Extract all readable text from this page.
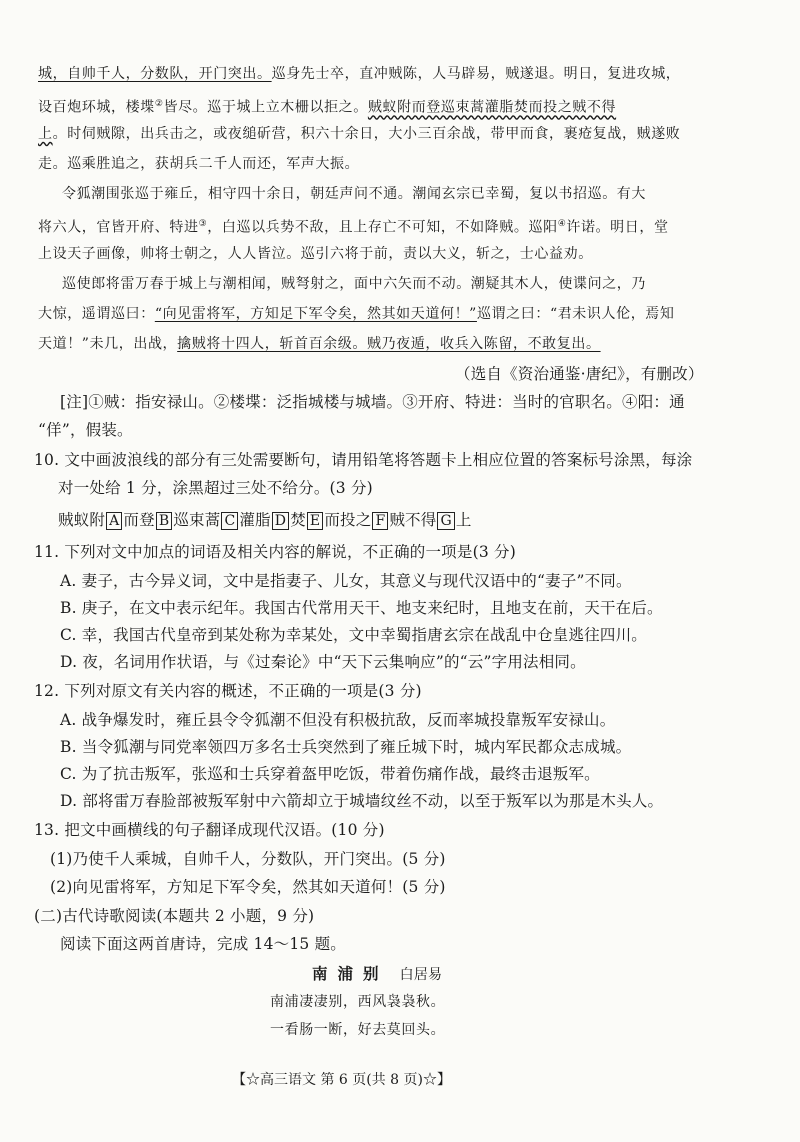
城，自帅千人，分数队，开门突出。巡身先士卒，直冲贼陈，人马辟易，贼遂退。明日，复进攻城，
设百炮环城，楼堞②皆尽。巡于城上立木栅以拒之。贼蚁附而登巡束蒿灌脂焚而投之贼不得
上。时伺贼隙，出兵击之，或夜缒斫营，积六十余日，大小三百余战，带甲而食，裹疮复战，贼遂败
走。巡乘胜追之，获胡兵二千人而还，军声大振。
令狐潮围张巡于雍丘，相守四十余日，朝廷声问不通。潮闻玄宗已幸蜀，复以书招巡。有大
将六人，官皆开府、特进③，白巡以兵势不敌，且上存亡不可知，不如降贼。巡阳④许诺。明日，堂
上设天子画像，帅将士朝之，人人皆泣。巡引六将于前，责以大义，斩之，士心益劝。
巡使郎将雷万春于城上与潮相闻，贼弩射之，面中六矢而不动。潮疑其木人，使谍问之，乃
大惊，遥谓巡曰：“向见雷将军，方知足下军令矣，然其如天道何！”巡谓之曰：“君未识人伦，焉知
天道！”未几，出战，擒贼将十四人，斩首百余级。贼乃夜遁，收兵入陈留，不敢复出。
（选自《资治通鉴·唐纪》，有删改）
[注]①贼：指安禄山。②楼堞：泛指城楼与城墙。③开府、特进：当时的官职名。④阳：通
“佯”，假装。
10. 文中画波浪线的部分有三处需要断句，请用铅笔将答题卡上相应位置的答案标号涂黑，每涂
对一处给 1 分，涂黑超过三处不给分。(3 分)
贼蚁附 A 而登 B 巡束蒿 C 灌脂 D 焚 E 而投之 F 贼不得 G 上
11. 下列对文中加点的词语及相关内容的解说，不正确的一项是(3 分)
A. 妻子，古今异义词，文中是指妻子、儿女，其意义与现代汉语中的“妻子”不同。
B. 庚子，在文中表示纪年。我国古代常用天干、地支来纪时，且地支在前，天干在后。
C. 幸，我国古代皇帝到某处称为幸某处，文中幸蜀指唐玄宗在战乱中仓皇逃往四川。
D. 夜，名词用作状语，与《过秦论》中“天下云集响应”的“云”字用法相同。
12. 下列对原文有关内容的概述，不正确的一项是(3 分)
A. 战争爆发时，雍丘县令令狐潮不但没有积极抗敌，反而率城投靠叛军安禄山。
B. 当令狐潮与同党率领四万多名士兵突然到了雍丘城下时，城内军民都众志成城。
C. 为了抗击叛军，张巡和士兵穿着盔甲吃饭，带着伤痛作战，最终击退叛军。
D. 部将雷万春脸部被叛军射中六箭却立于城墙纹丝不动，以至于叛军以为那是木头人。
13. 把文中画横线的句子翻译成现代汉语。(10 分)
(1)乃使千人乘城，自帅千人，分数队，开门突出。(5 分)
(2)向见雷将军，方知足下军令矣，然其如天道何！(5 分)
(二)古代诗歌阅读(本题共 2 小题，9 分)
阅读下面这两首唐诗，完成 14～15 题。
南浦别 白居易
南浦凄凄别，西风袅袅秋。
一看肠一断，好去莫回头。
【☆高三语文 第 6 页(共 8 页)☆】
